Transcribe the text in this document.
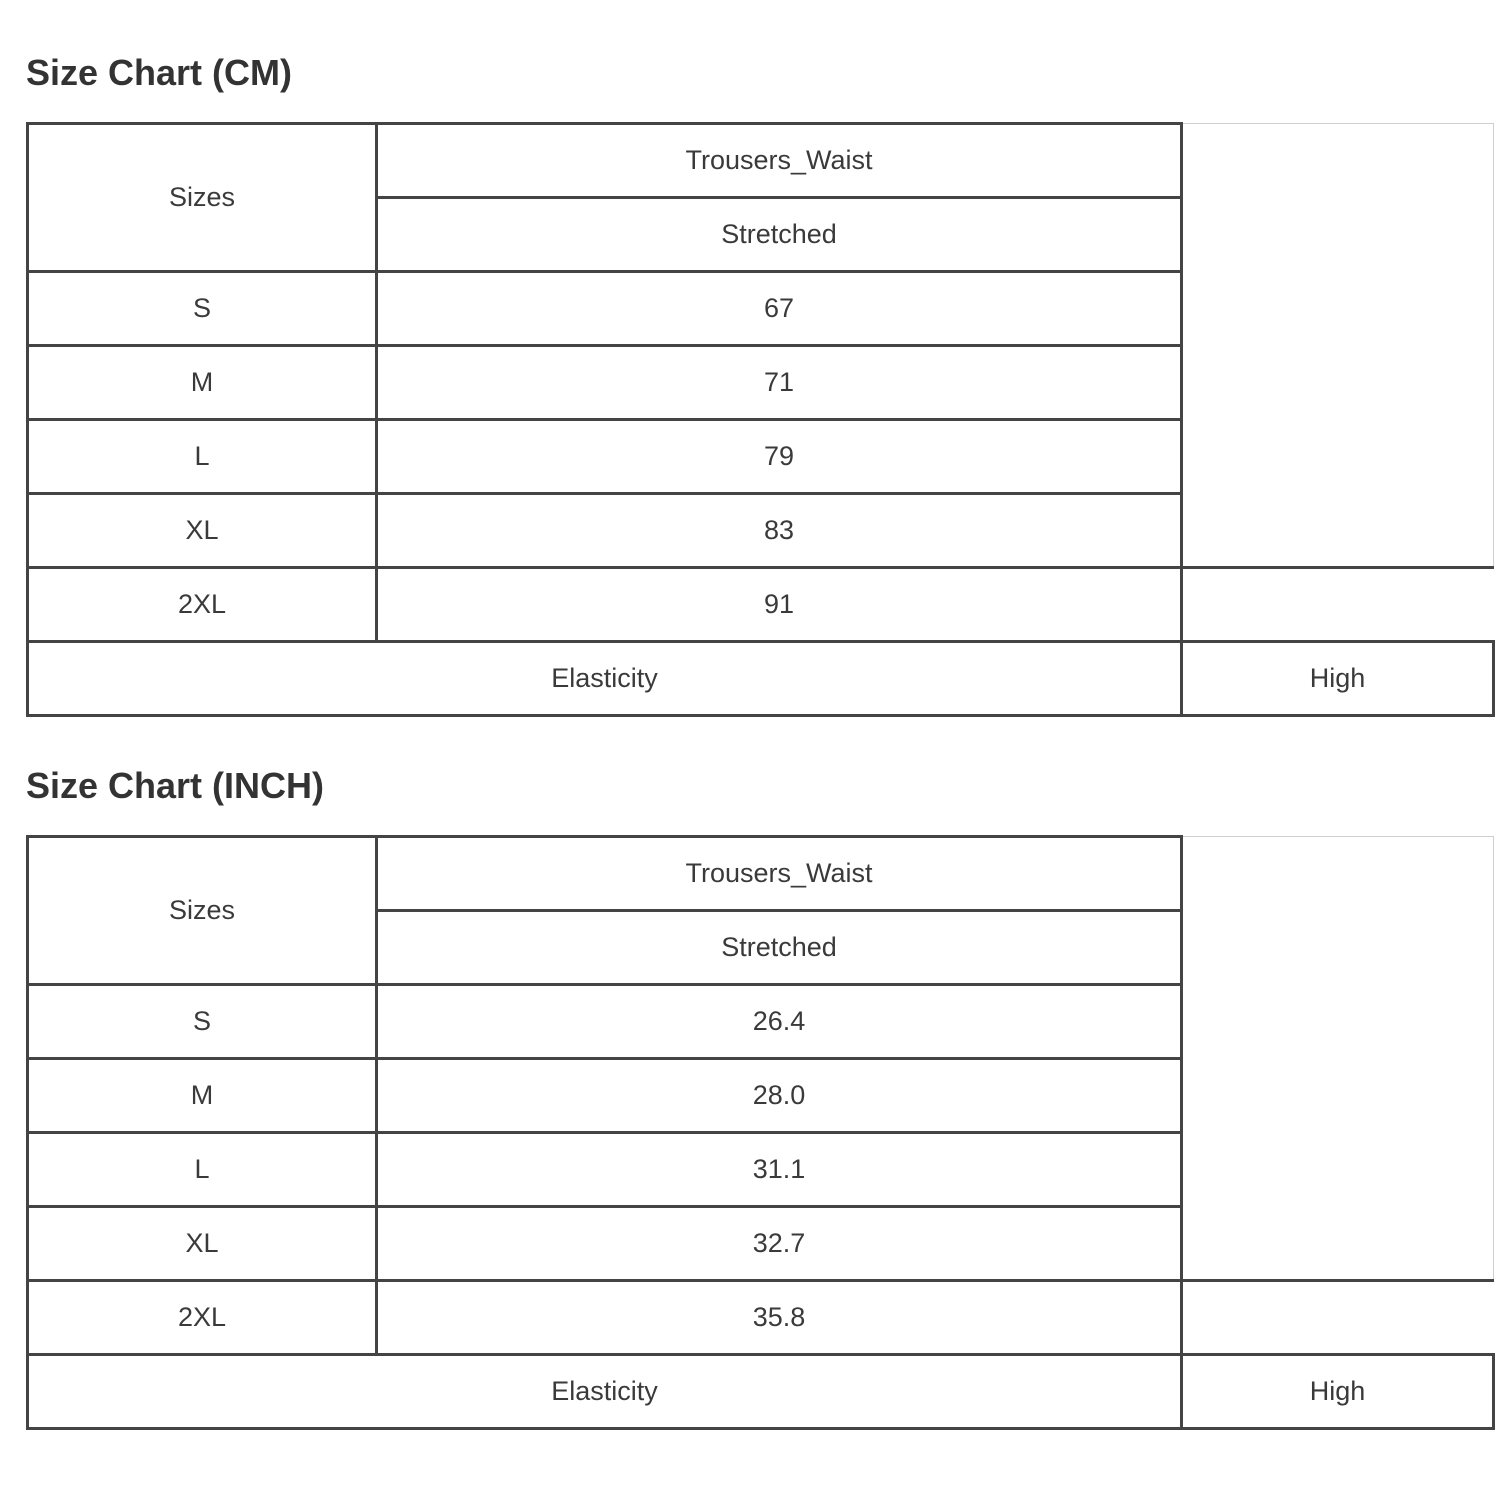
Size Chart (CM)
Sizes	Trousers_Waist	
	Stretched	
S	67	
M	71	
L	79	
XL	83	
2XL	91	
Elasticity		High
Size Chart (INCH)
Sizes	Trousers_Waist	
	Stretched	
S	26.4	
M	28.0	
L	31.1	
XL	32.7	
2XL	35.8	
Elasticity		High
